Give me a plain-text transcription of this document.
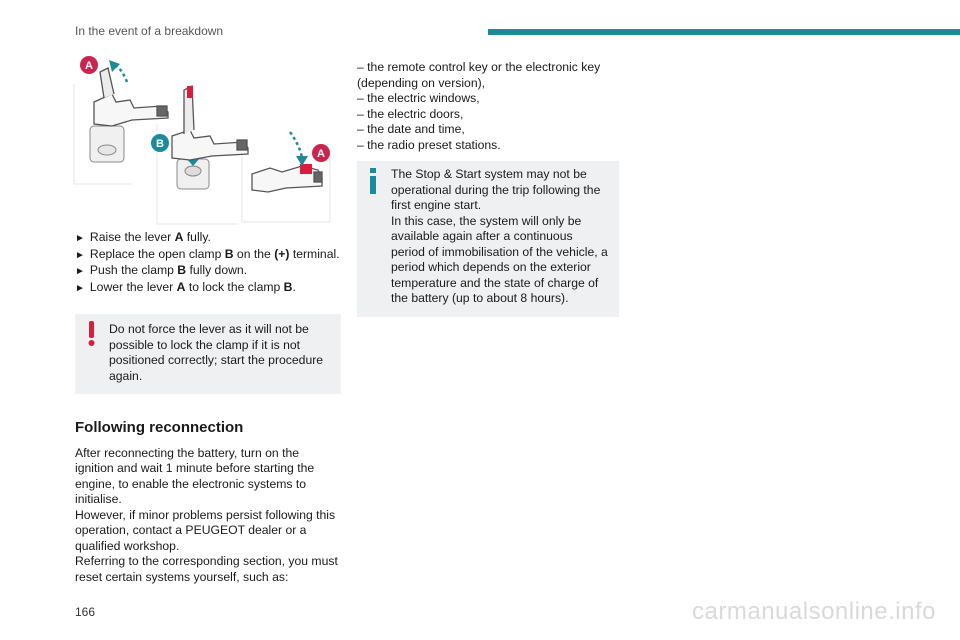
In the event of a breakdown
A
B
A

► Raise the lever A fully.

► Replace the open clamp B on the (+) terminal.

► Push the clamp B fully down.

► Lower the lever A to lock the clamp B.

Do not force the lever as it will not be possible to lock the clamp if it is not positioned correctly; start the procedure again.

Following reconnection

After reconnecting the battery, turn on the ignition and wait 1 minute before starting the engine, to enable the electronic systems to initialise.

However, if minor problems persist following this operation, contact a PEUGEOT dealer or a qualified workshop.

Referring to the corresponding section, you must reset certain systems yourself, such as:

– the remote control key or the electronic key (depending on version),

– the electric windows,

– the electric doors,

– the date and time,

– the radio preset stations.

The Stop & Start system may not be operational during the trip following the first engine start.

In this case, the system will only be available again after a continuous period of immobilisation of the vehicle, a period which depends on the exterior temperature and the state of charge of the battery (up to about 8 hours).

166	carmanualsonline.info
